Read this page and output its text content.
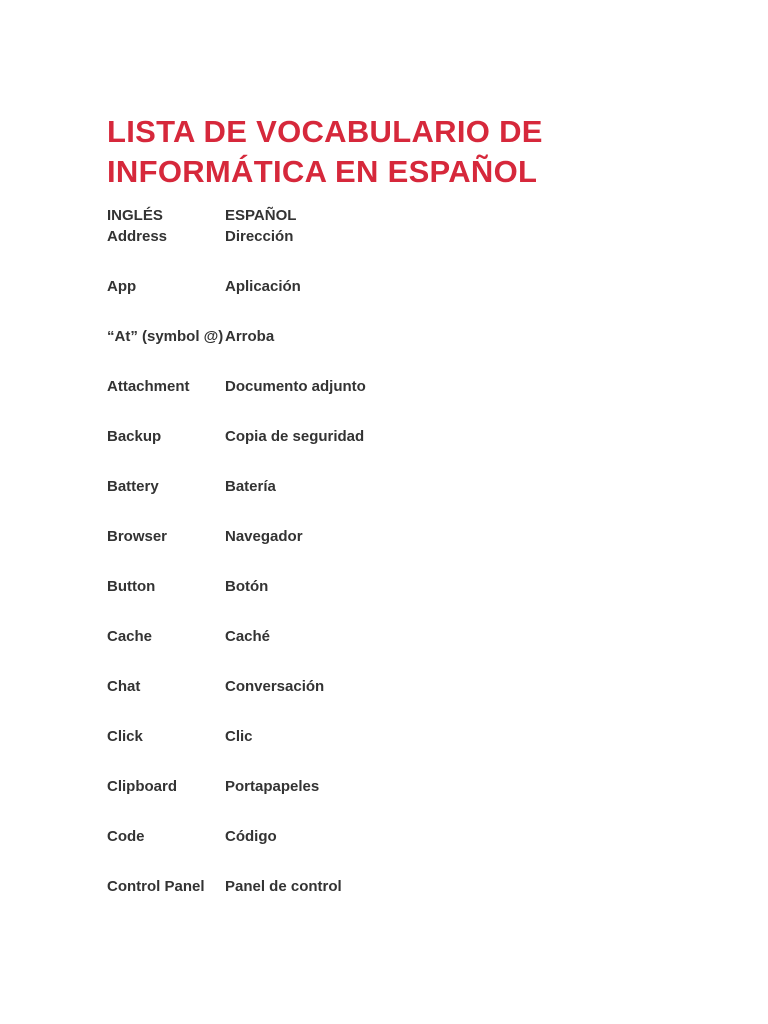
LISTA DE VOCABULARIO DE
INFORMÁTICA EN ESPAÑOL
INGLÉS	ESPAÑOL
Address	Dirección
App	Aplicación
“At” (symbol @) Arroba
Attachment	Documento adjunto
Backup	Copia de seguridad
Battery	Batería
Browser	Navegador
Button	Botón
Cache	Caché
Chat	Conversación
Click	Clic
Clipboard	Portapapeles
Code	Código
Control Panel	Panel de control
